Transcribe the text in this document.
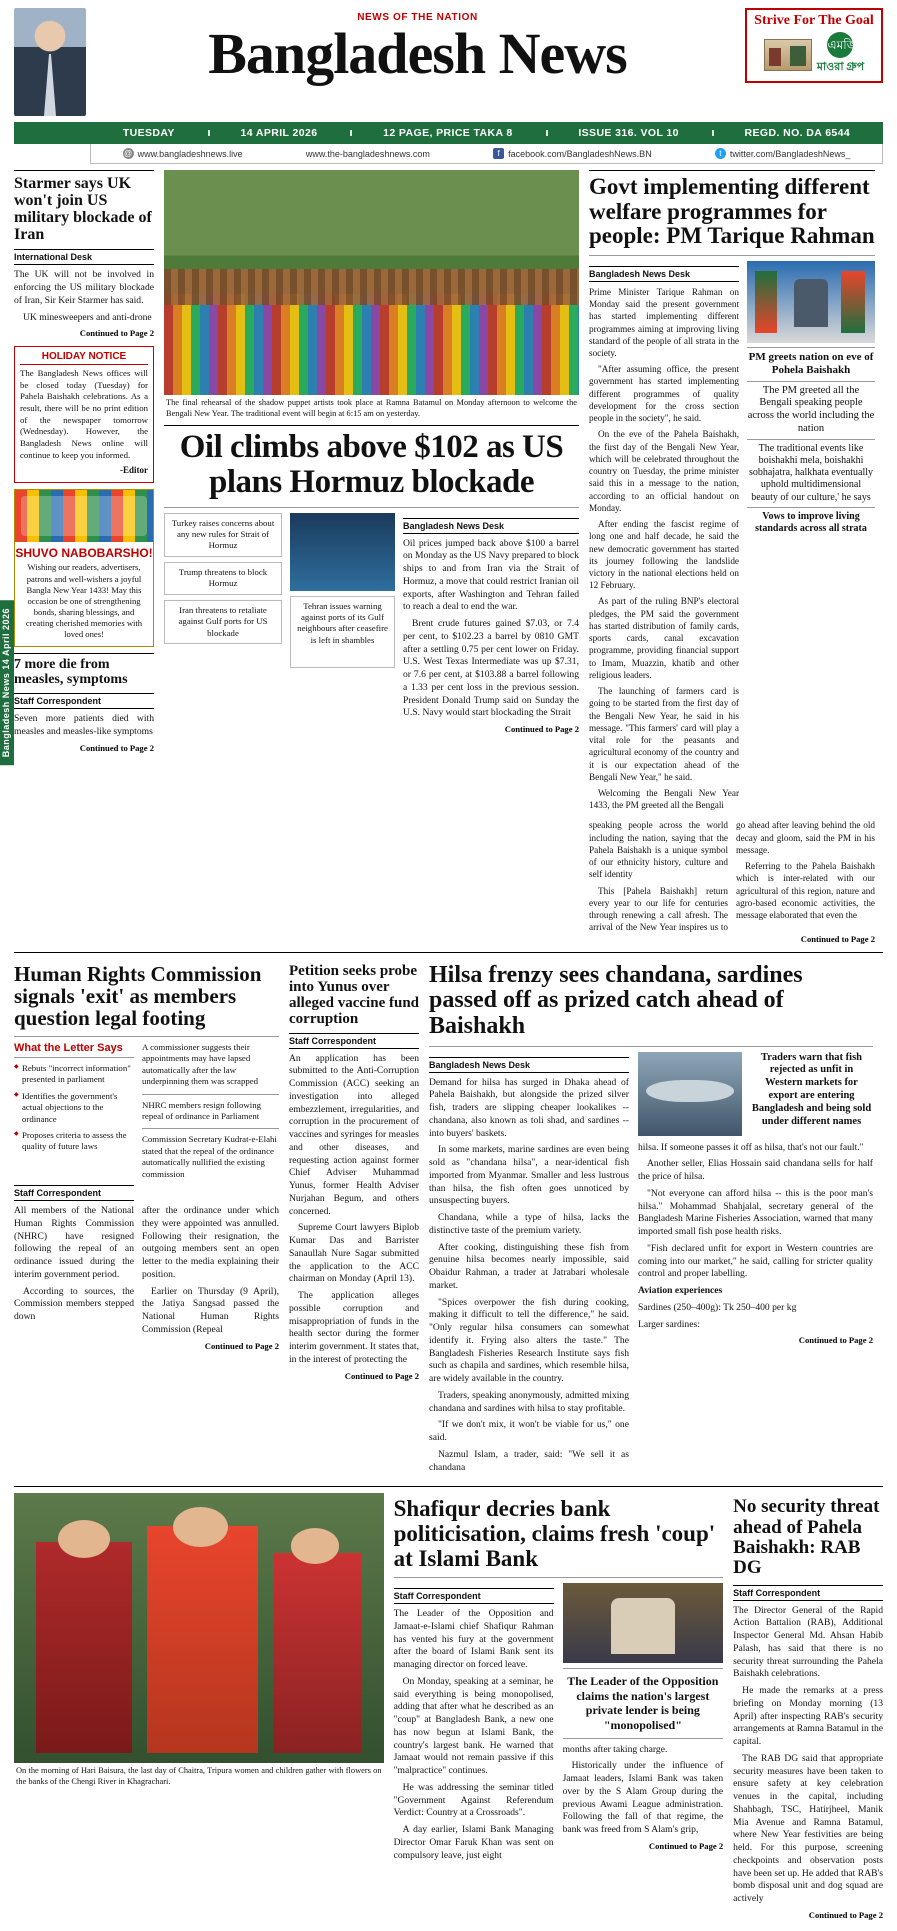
Bangladesh News 14 April 2026
NEWS OF THE NATION
Bangladesh News
Strive For The Goal
এমজি
মাওরা গ্রুপ
TUESDAY	14 APRIL 2026	12 PAGE, PRICE TAKA 8	ISSUE 316. VOL 10	REGD. NO. DA 6544
@ www.bangladeshnews.live	www.the-bangladeshnews.com	f facebook.com/BangladeshNews.BN	t twitter.com/BangladeshNews_
Starmer says UK won't join US military blockade of Iran
International Desk

The UK will not be involved in enforcing the US military blockade of Iran, Sir Keir Starmer has said.

UK minesweepers and anti-drone

Continued to Page 2
HOLIDAY NOTICE

The Bangladesh News offices will be closed today (Tuesday) for Pahela Baishakh celebrations. As a result, there will be no print edition of the newspaper tomorrow (Wednesday). However, the Bangladesh News online will continue to keep you informed.

-Editor
SHUVO NABOBARSHO!
Wishing our readers, advertisers, patrons and well-wishers a joyful Bangla New Year 1433! May this occasion be one of strengthening bonds, sharing blessings, and creating cherished memories with loved ones!
7 more die from measles, symptoms
Staff Correspondent

Seven more patients died with measles and measles-like symptoms

Continued to Page 2
The final rehearsal of the shadow puppet artists took place at Ramna Batamul on Monday afternoon to welcome the Bengali New Year. The traditional event will begin at 6:15 am on yesterday.
Oil climbs above $102 as US plans Hormuz blockade
Turkey raises concerns about any new rules for Strait of Hormuz
Trump threatens to block Hormuz
Iran threatens to retaliate against Gulf ports for US blockade
Tehran issues warning against ports of its Gulf neighbours after ceasefire is left in shambles
Bangladesh News Desk

Oil prices jumped back above $100 a barrel on Monday as the US Navy prepared to block ships to and from Iran via the Strait of Hormuz, a move that could restrict Iranian oil exports, after Washington and Tehran failed to reach a deal to end the war.

Brent crude futures gained $7.03, or 7.4 per cent, to $102.23 a barrel by 0810 GMT after a settling 0.75 per cent lower on Friday. U.S. West Texas Intermediate was up $7.31, or 7.6 per cent, at $103.88 a barrel following a 1.33 per cent loss in the previous session. President Donald Trump said on Sunday the U.S. Navy would start blockading the Strait

Continued to Page 2
Govt implementing different welfare programmes for people: PM Tarique Rahman
Bangladesh News Desk

Prime Minister Tarique Rahman on Monday said the present government has started implementing different programmes aiming at improving living standard of the people of all strata in the society.

"After assuming office, the present government has started implementing different programmes of quality development for the cross section people in the society", he said.

On the eve of the Pahela Baishakh, the first day of the Bengali New Year, which will be celebrated throughout the country on Tuesday, the prime minister said this in a message to the nation, according to an official handout on Monday.

After ending the fascist regime of long one and half decade, he said the new democratic government has started its journey following the landslide victory in the national elections held on 12 February.

As part of the ruling BNP's electoral pledges, the PM said the government has started distribution of family cards, sports cards, canal excavation programme, providing financial support to Imam, Muazzin, khatib and other religious leaders.

The launching of farmers card is going to be started from the first day of the Bengali New Year, he said in his message. "This farmers' card will play a vital role for the peasants and agricultural economy of the country and it is our expectation ahead of the Bengali New Year," he said.

Welcoming the Bengali New Year 1433, the PM greeted all the Bengali

PM greets nation on eve of Pohela Baishakh
The PM greeted all the Bengali speaking people across the world including the nation
The traditional events like boishakhi mela, boishakhi sobhajatra, halkhata eventually uphold multidimensional beauty of our culture,' he says
Vows to improve living standards across all strata

speaking people across the world including the nation, saying that the Pahela Baishakh is a unique symbol of our ethnicity history, culture and self identity

This [Pahela Baishakh] return every year to our life for centuries through renewing a call afresh. The arrival of the New Year inspires us to go ahead after leaving behind the old decay and gloom, said the PM in his message.

Referring to the Pahela Baishakh which is inter-related with our agricultural of this region, nature and agro-based economic activities, the message elaborated that even the

Continued to Page 2
Human Rights Commission signals 'exit' as members question legal footing
What the Letter Says
◆ Rebuts "incorrect information" presented in parliament
◆ Identifies the government's actual objections to the ordinance
◆ Proposes criteria to assess the quality of future laws
A commissioner suggests their appointments may have lapsed automatically after the law underpinning them was scrapped
NHRC members resign following repeal of ordinance in Parliament
Commission Secretary Kudrat-e-Elahi stated that the repeal of the ordinance automatically nullified the existing commission
Staff Correspondent

All members of the National Human Rights Commission (NHRC) have resigned following the repeal of an ordinance issued during the interim government period.

According to sources, the Commission members stepped down

after the ordinance under which they were appointed was annulled. Following their resignation, the outgoing members sent an open letter to the media explaining their position.

Earlier on Thursday (9 April), the Jatiya Sangsad passed the National Human Rights Commission (Repeal

Continued to Page 2
Petition seeks probe into Yunus over alleged vaccine fund corruption
Staff Correspondent

An application has been submitted to the Anti-Corruption Commission (ACC) seeking an investigation into alleged embezzlement, irregularities, and corruption in the procurement of vaccines and syringes for measles and other diseases, and requesting action against former Chief Adviser Muhammad Yunus, former Health Adviser Nurjahan Begum, and others concerned.

Supreme Court lawyers Biplob Kumar Das and Barrister Sanaullah Nure Sagar submitted the application to the ACC chairman on Monday (April 13).

The application alleges possible corruption and misappropriation of funds in the health sector during the former interim government. It states that, in the interest of protecting the

Continued to Page 2
Hilsa frenzy sees chandana, sardines passed off as prized catch ahead of Baishakh
Bangladesh News Desk

Demand for hilsa has surged in Dhaka ahead of Pahela Baishakh, but alongside the prized silver fish, traders are slipping cheaper lookalikes -- chandana, also known as toli shad, and sardines -- into buyers' baskets.

In some markets, marine sardines are even being sold as "chandana hilsa", a near-identical fish imported from Myanmar. Smaller and less lustrous than hilsa, the fish often goes unnoticed by unsuspecting buyers.

Chandana, while a type of hilsa, lacks the distinctive taste of the premium variety.

After cooking, distinguishing these fish from genuine hilsa becomes nearly impossible, said Obaidur Rahman, a trader at Jatrabari wholesale market.

"Spices overpower the fish during cooking, making it difficult to tell the difference," he said. "Only regular hilsa consumers can somewhat identify it. Frying also alters the taste." The Bangladesh Fisheries Research Institute says fish such as chapila and sardines, which resemble hilsa, are widely available in the country.

Traders, speaking anonymously, admitted mixing chandana and sardines with hilsa to stay profitable.

"If we don't mix, it won't be viable for us," one said.

Nazmul Islam, a trader, said: "We sell it as chandana

Traders warn that fish rejected as unfit in Western markets for export are entering Bangladesh and being sold under different names

hilsa. If someone passes it off as hilsa, that's not our fault."

Another seller, Elias Hossain said chandana sells for half the price of hilsa.

"Not everyone can afford hilsa -- this is the poor man's hilsa." Mohammad Shahjalal, secretary general of the Bangladesh Marine Fisheries Association, warned that many imported small fish pose health risks.

"Fish declared unfit for export in Western countries are coming into our market," he said, calling for stricter quality control and proper labelling.

Aviation experiences

Sardines (250–400g): Tk 250–400 per kg

Larger sardines:

Continued to Page 2
On the morning of Hari Baisura, the last day of Chaitra, Tripura women and children gather with flowers on the banks of the Chengi River in Khagrachari.
Shafiqur decries bank politicisation, claims fresh 'coup' at Islami Bank
Staff Correspondent

The Leader of the Opposition and Jamaat-e-Islami chief Shafiqur Rahman has vented his fury at the government after the board of Islami Bank sent its managing director on forced leave.

On Monday, speaking at a seminar, he said everything is being monopolised, adding that after what he described as an "coup" at Bangladesh Bank, a new one has now begun at Islami Bank, the country's largest bank. He warned that Jamaat would not remain passive if this "malpractice" continues.

He was addressing the seminar titled "Government Against Referendum Verdict: Country at a Crossroads".

A day earlier, Islami Bank Managing Director Omar Faruk Khan was sent on compulsory leave, just eight

The Leader of the Opposition claims the nation's largest private lender is being "monopolised"

months after taking charge.

Historically under the influence of Jamaat leaders, Islami Bank was taken over by the S Alam Group during the previous Awami League administration. Following the fall of that regime, the bank was freed from S Alam's grip,

Continued to Page 2
No security threat ahead of Pahela Baishakh: RAB DG
Staff Correspondent

The Director General of the Rapid Action Battalion (RAB), Additional Inspector General Md. Ahsan Habib Palash, has said that there is no security threat surrounding the Pahela Baishakh celebrations.

He made the remarks at a press briefing on Monday morning (13 April) after inspecting RAB's security arrangements at Ramna Batamul in the capital.

The RAB DG said that appropriate security measures have been taken to ensure safety at key celebration venues in the capital, including Shahbagh, TSC, Hatirjheel, Manik Mia Avenue and Ramna Batamul, where New Year festivities are being held. For this purpose, screening checkpoints and observation posts have been set up. He added that RAB's bomb disposal unit and dog squad are actively

Continued to Page 2
